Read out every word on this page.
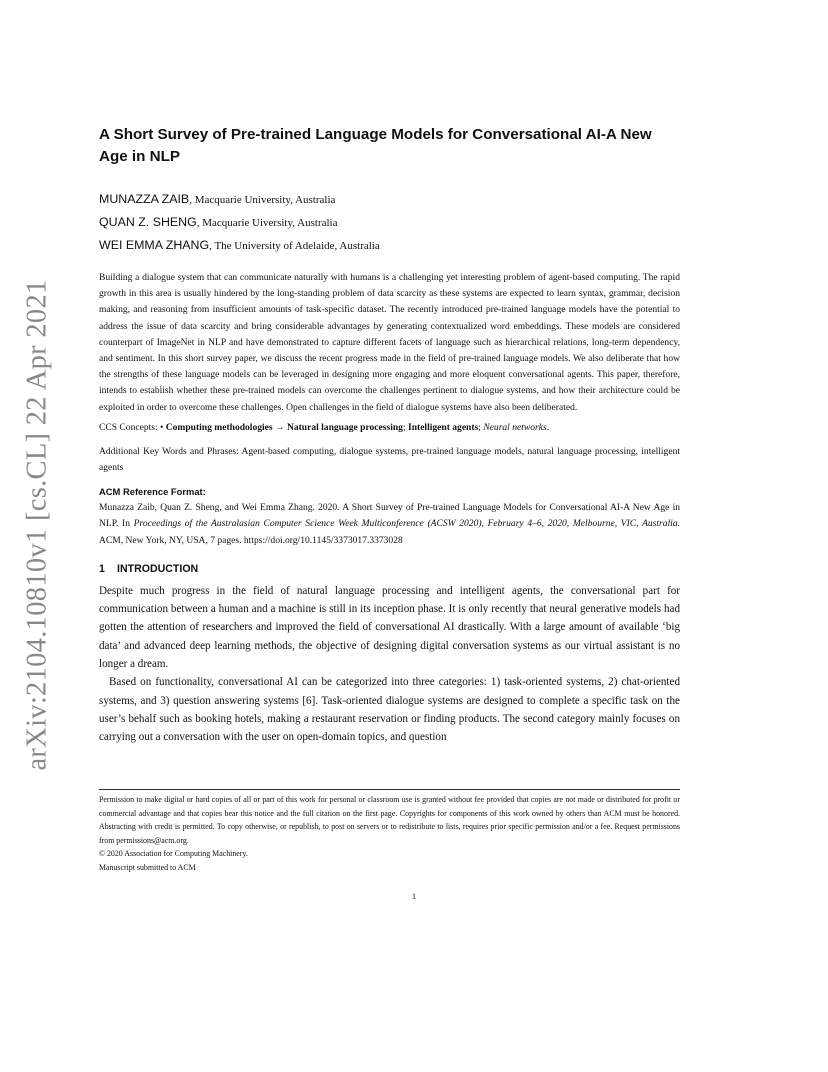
arXiv:2104.10810v1 [cs.CL] 22 Apr 2021
A Short Survey of Pre-trained Language Models for Conversational AI-A New
Age in NLP
MUNAZZA ZAIB, Macquarie University, Australia
QUAN Z. SHENG, Macquarie Uiversity, Australia
WEI EMMA ZHANG, The University of Adelaide, Australia
Building a dialogue system that can communicate naturally with humans is a challenging yet interesting problem of agent-based computing. The rapid growth in this area is usually hindered by the long-standing problem of data scarcity as these systems are expected to learn syntax, grammar, decision making, and reasoning from insufficient amounts of task-specific dataset. The recently introduced pre-trained language models have the potential to address the issue of data scarcity and bring considerable advantages by generating contextualized word embeddings. These models are considered counterpart of ImageNet in NLP and have demonstrated to capture different facets of language such as hierarchical relations, long-term dependency, and sentiment. In this short survey paper, we discuss the recent progress made in the field of pre-trained language models. We also deliberate that how the strengths of these language models can be leveraged in designing more engaging and more eloquent conversational agents. This paper, therefore, intends to establish whether these pre-trained models can overcome the challenges pertinent to dialogue systems, and how their architecture could be exploited in order to overcome these challenges. Open challenges in the field of dialogue systems have also been deliberated.
CCS Concepts: • Computing methodologies → Natural language processing; Intelligent agents; Neural networks.
Additional Key Words and Phrases: Agent-based computing, dialogue systems, pre-trained language models, natural language processing, intelligent agents
ACM Reference Format:
Munazza Zaib, Quan Z. Sheng, and Wei Emma Zhang. 2020. A Short Survey of Pre-trained Language Models for Conversational AI-A New Age in NLP. In Proceedings of the Australasian Computer Science Week Multiconference (ACSW 2020), February 4–6, 2020, Melbourne, VIC, Australia. ACM, New York, NY, USA, 7 pages. https://doi.org/10.1145/3373017.3373028
1 INTRODUCTION

Despite much progress in the field of natural language processing and intelligent agents, the conversational part for communication between a human and a machine is still in its inception phase. It is only recently that neural generative models had gotten the attention of researchers and improved the field of conversational AI drastically. With a large amount of available ‘big data’ and advanced deep learning methods, the objective of designing digital conversation systems as our virtual assistant is no longer a dream.

Based on functionality, conversational AI can be categorized into three categories: 1) task-oriented systems, 2) chat-oriented systems, and 3) question answering systems [6]. Task-oriented dialogue systems are designed to complete a specific task on the user’s behalf such as booking hotels, making a restaurant reservation or finding products. The second category mainly focuses on carrying out a conversation with the user on open-domain topics, and question

Permission to make digital or hard copies of all or part of this work for personal or classroom use is granted without fee provided that copies are not made or distributed for profit or commercial advantage and that copies bear this notice and the full citation on the first page. Copyrights for components of this work owned by others than ACM must be honored. Abstracting with credit is permitted. To copy otherwise, or republish, to post on servers or to redistribute to lists, requires prior specific permission and/or a fee. Request permissions from permissions@acm.org.
© 2020 Association for Computing Machinery.
Manuscript submitted to ACM
1
